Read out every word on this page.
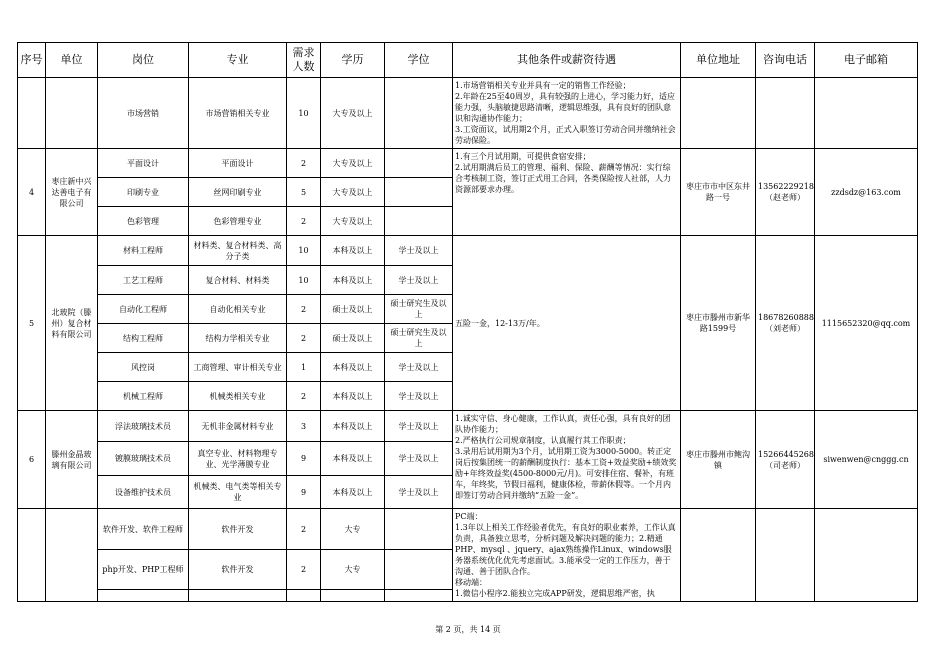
序号	单位	岗位	专业	需求人数	学历	学位	其他条件或薪资待遇	单位地址	咨询电话	电子邮箱
		市场营销	市场营销相关专业	10	大专及以上		1.市场营销相关专业并具有一定的销售工作经验；
2.年龄在25至40周岁，具有较强的上进心，学习能力好，适应能力强，头脑敏捷思路清晰，逻辑思维强，具有良好的团队意识和沟通协作能力；
3.工资面议，试用期2个月，正式入职签订劳动合同并缴纳社会劳动保险。			
4	枣庄新中兴达善电子有限公司	平面设计	平面设计	2	大专及以上		1.有三个月试用期，可提供食宿安排；
2.试用期满后员工的管理、福利、保险、薪酬等情况：实行综合考核制工资，签订正式用工合同，各类保险按人社部，人力资源部要求办理。	枣庄市市中区东井路一号	13562229218（赵老师）	zzdsdz@163.com
		印刷专业	丝网印刷专业	5	大专及以上					
		色彩管理	色彩管理专业	2	大专及以上					
5	北玻院（滕州）复合材料有限公司	材料工程师	材料类、复合材料类、高分子类	10	本科及以上	学士及以上	五险一金，12-13万/年。	枣庄市滕州市新华路1599号	18678260888（刘老师）	1115652320@qq.com
		工艺工程师	复合材料、材料类	10	本科及以上	学士及以上				
		自动化工程师	自动化相关专业	2	硕士及以上	硕士研究生及以上				
		结构工程师	结构力学相关专业	2	硕士及以上	硕士研究生及以上				
		风控岗	工商管理、审计相关专业	1	本科及以上	学士及以上				
		机械工程师	机械类相关专业	2	本科及以上	学士及以上				
6	滕州金晶玻璃有限公司	浮法玻璃技术员	无机非金属材料专业	3	本科及以上	学士及以上	1.诚实守信、身心健康，工作认真，责任心强，具有良好的团队协作能力；
2.严格执行公司规章制度，认真履行其工作职责；
3.录用后试用期为3个月，试用期工资为3000-5000。转正定岗后按集团统一的薪酬制度执行：基本工资+效益奖励+绩效奖励+年终效益奖(4500-8000元/月)。可安排住宿、餐补，有班车，年终奖，节假日福利，健康体检，带薪休假等。一个月内即签订劳动合同并缴纳“五险一金”。	枣庄市滕州市鲍沟镇	15266445268（司老师）	siwenwen@cnggg.cn
		镀膜玻璃技术员	真空专业、材料物理专业、光学薄膜专业	9	本科及以上	学士及以上				
		设备维护技术员	机械类、电气类等相关专业	9	本科及以上	学士及以上				
		软件开发、软件工程师	软件开发	2	大专		PC端：
1.3年以上相关工作经验者优先，有良好的职业素养，工作认真负责，具备独立思考，分析问题及解决问题的能力；2.精通PHP、mysql 、jquery、ajax熟练操作Linux、windows服务器系统优化优先考虑面试。3.能承受一定的工作压力，善于沟通、善于团队合作。
移动端：
1.微信小程序2.能独立完成APP研发，逻辑思维严密，执			
		php开发、PHP工程师	软件开发	2	大专					

第 2 页，共 14 页
